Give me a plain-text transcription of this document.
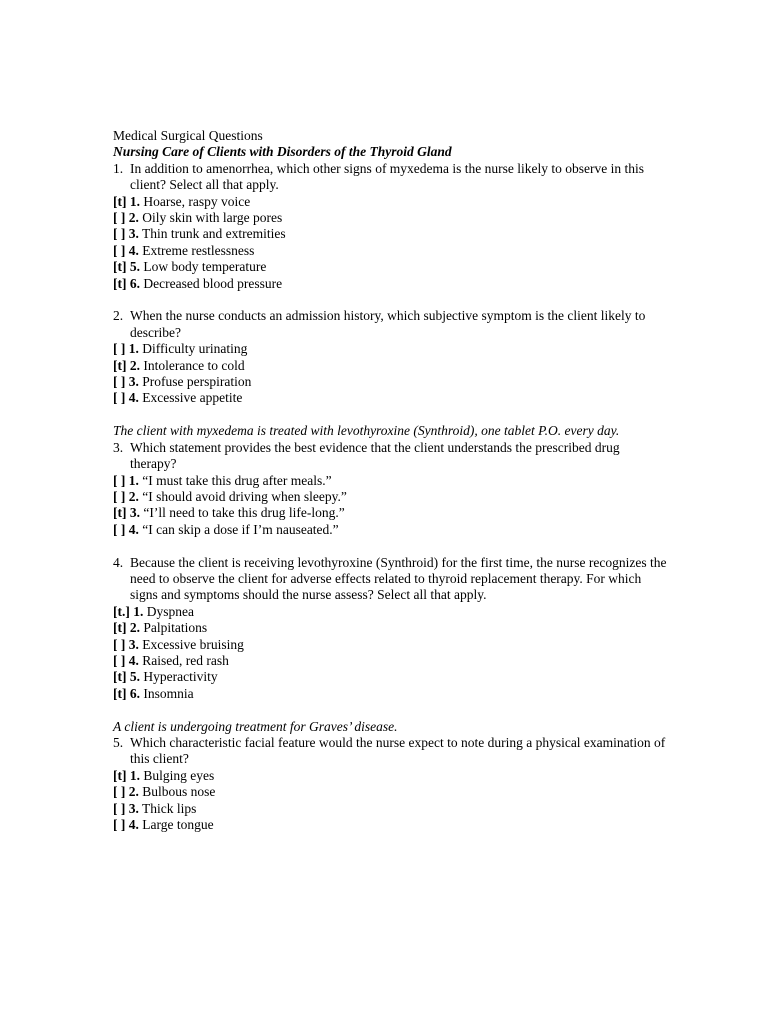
Medical Surgical Questions
Nursing Care of Clients with Disorders of the Thyroid Gland
1. In addition to amenorrhea, which other signs of myxedema is the nurse likely to observe in this client? Select all that apply.
[t] 1. Hoarse, raspy voice
[ ] 2. Oily skin with large pores
[ ] 3. Thin trunk and extremities
[ ] 4. Extreme restlessness
[t] 5. Low body temperature
[t] 6. Decreased blood pressure
2. When the nurse conducts an admission history, which subjective symptom is the client likely to describe?
[ ] 1. Difficulty urinating
[t] 2. Intolerance to cold
[ ] 3. Profuse perspiration
[ ] 4. Excessive appetite
The client with myxedema is treated with levothyroxine (Synthroid), one tablet P.O. every day.
3. Which statement provides the best evidence that the client understands the prescribed drug therapy?
[ ] 1. “I must take this drug after meals.”
[ ] 2. “I should avoid driving when sleepy.”
[t] 3. “I’ll need to take this drug life-long.”
[ ] 4. “I can skip a dose if I’m nauseated.”
4. Because the client is receiving levothyroxine (Synthroid) for the first time, the nurse recognizes the need to observe the client for adverse effects related to thyroid replacement therapy. For which signs and symptoms should the nurse assess? Select all that apply.
[t.] 1. Dyspnea
[t] 2. Palpitations
[ ] 3. Excessive bruising
[ ] 4. Raised, red rash
[t] 5. Hyperactivity
[t] 6. Insomnia
A client is undergoing treatment for Graves’ disease.
5. Which characteristic facial feature would the nurse expect to note during a physical examination of this client?
[t] 1. Bulging eyes
[ ] 2. Bulbous nose
[ ] 3. Thick lips
[ ] 4. Large tongue
